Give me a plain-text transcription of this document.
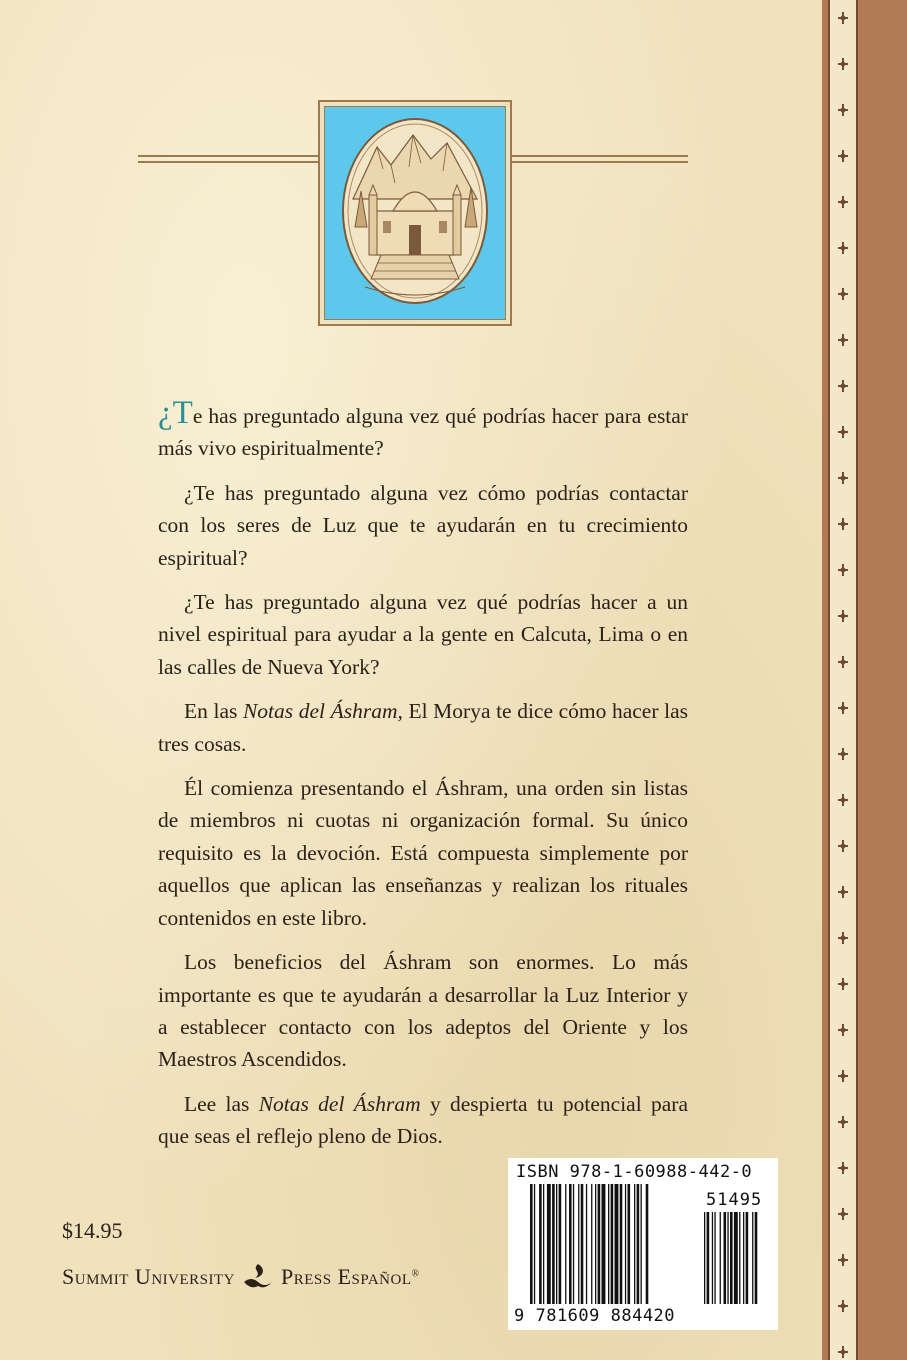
¿Te has preguntado alguna vez qué podrías hacer para estar más vivo espiritualmente?

¿Te has preguntado alguna vez cómo podrías contactar con los seres de Luz que te ayudarán en tu crecimiento espiritual?

¿Te has preguntado alguna vez qué podrías hacer a un nivel espiritual para ayudar a la gente en Calcuta, Lima o en las calles de Nueva York?

En las Notas del Áshram, El Morya te dice cómo hacer las tres cosas.

Él comienza presentando el Áshram, una orden sin listas de miembros ni cuotas ni organización formal. Su único requisito es la devoción. Está compuesta simplemente por aquellos que aplican las enseñanzas y realizan los rituales contenidos en este libro.

Los beneficios del Áshram son enormes. Lo más importante es que te ayudarán a desarrollar la Luz Interior y a establecer contacto con los adeptos del Oriente y los Maestros Ascendidos.

Lee las Notas del Áshram y despierta tu potencial para que seas el reflejo pleno de Dios.

$14.95
SUMMIT UNIVERSITY PRESS ESPAÑOL®
ISBN 978-1-60988-442-0
51495
9 781609 884420
